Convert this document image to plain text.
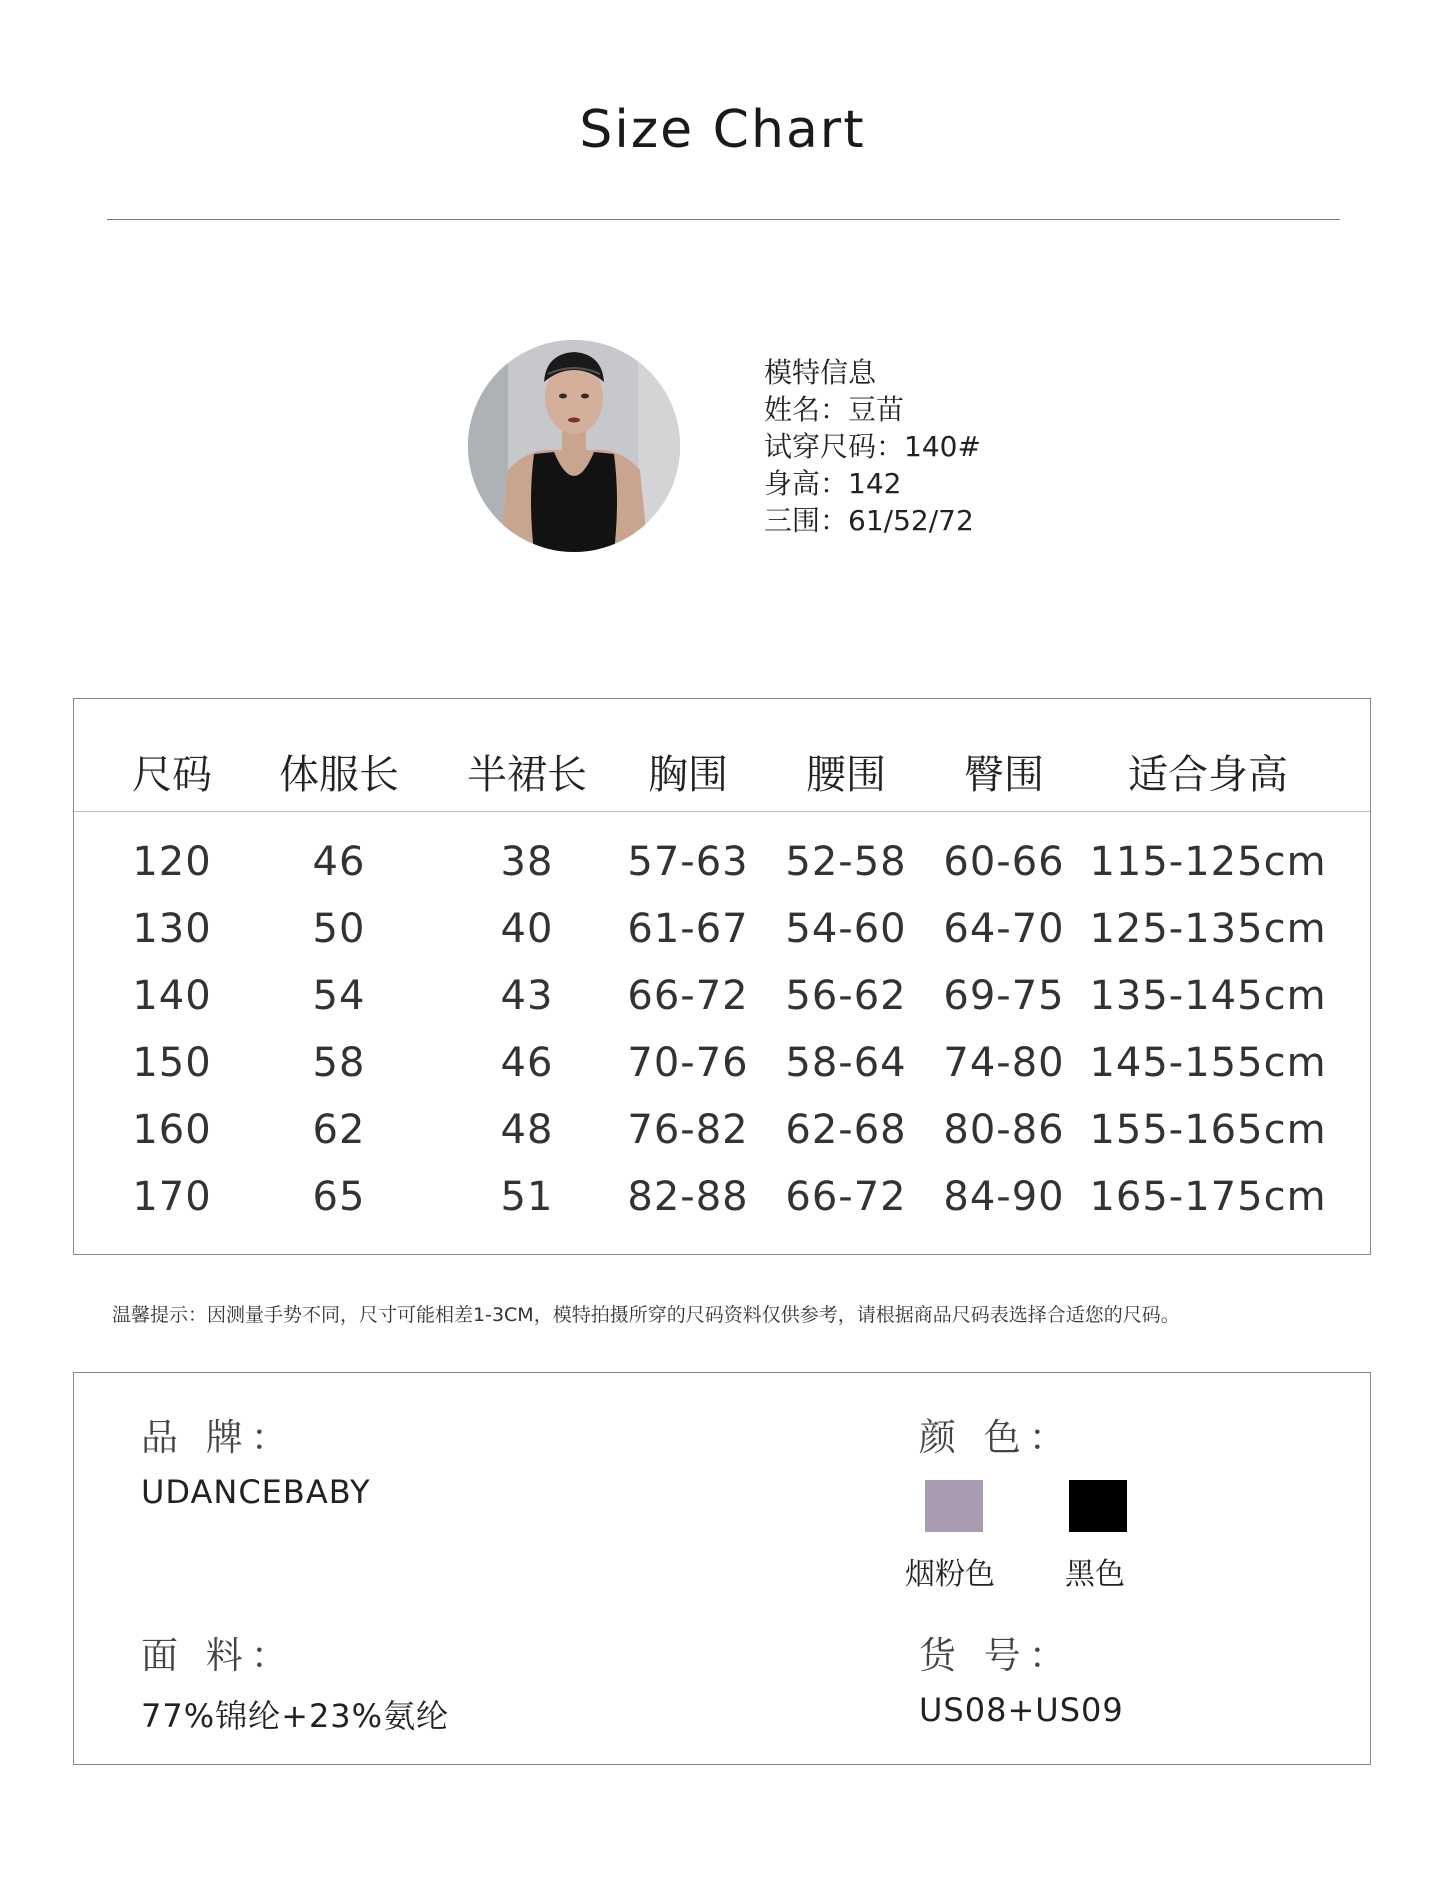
Size Chart
模特信息
姓名：豆苗
试穿尺码：140#
身高：142
三围：61/52/72
尺码 体服长 半裙长 胸围 腰围 臀围 适合身高
120	46	38 57-63 52-58 60-66 115-125cm
130	50	40 61-67 54-60 64-70 125-135cm
140	54	43 66-72 56-62 69-75 135-145cm
150	58	46 70-76 58-64 74-80 145-155cm
160	62	48 76-82 62-68 80-86 155-165cm
170	65	51 82-88 66-72 84-90 165-175cm
温馨提示：因测量手势不同，尺寸可能相差1-3CM，模特拍摄所穿的尺码资料仅供参考，请根据商品尺码表选择合适您的尺码。
品 牌：
UDANCEBABY
颜 色：
烟粉色 黑色
面 料：
77%锦纶+23%氨纶
货 号：
US08+US09
